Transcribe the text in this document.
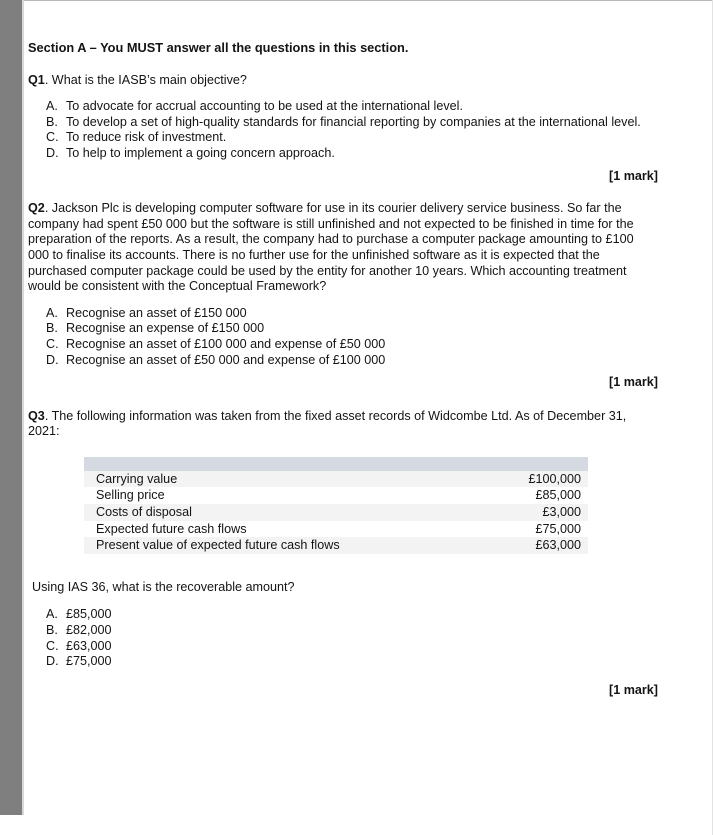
Section A – You MUST answer all the questions in this section.

Q1. What is the IASB’s main objective?

A. To advocate for accrual accounting to be used at the international level.
B. To develop a set of high-quality standards for financial reporting by companies at the international level.
C. To reduce risk of investment.
D. To help to implement a going concern approach.
[1 mark]

Q2. Jackson Plc is developing computer software for use in its courier delivery service business. So far the company had spent £50 000 but the software is still unfinished and not expected to be finished in time for the preparation of the reports. As a result, the company had to purchase a computer package amounting to £100 000 to finalise its accounts. There is no further use for the unfinished software as it is expected that the purchased computer package could be used by the entity for another 10 years. Which accounting treatment would be consistent with the Conceptual Framework?

A. Recognise an asset of £150 000
B. Recognise an expense of £150 000
C. Recognise an asset of £100 000 and expense of £50 000
D. Recognise an asset of £50 000 and expense of £100 000
[1 mark]

Q3. The following information was taken from the fixed asset records of Widcombe Ltd. As of December 31, 2021:

Carrying value	£100,000
Selling price	£85,000
Costs of disposal	£3,000
Expected future cash flows	£75,000
Present value of expected future cash flows	£63,000

Using IAS 36, what is the recoverable amount?

A. £85,000
B. £82,000
C. £63,000
D. £75,000
[1 mark]
